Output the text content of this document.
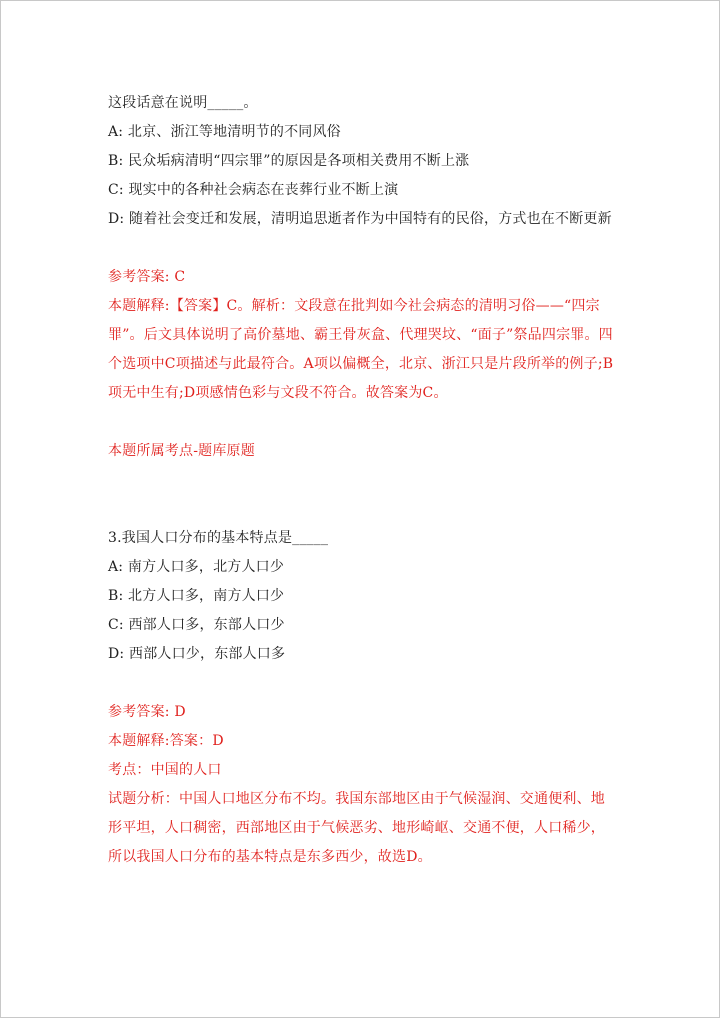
这段话意在说明_____。
A: 北京、浙江等地清明节的不同风俗
B: 民众垢病清明“四宗罪”的原因是各项相关费用不断上涨
C: 现实中的各种社会病态在丧葬行业不断上演
D: 随着社会变迁和发展，清明追思逝者作为中国特有的民俗，方式也在不断更新
参考答案: C
本题解释:【答案】C。解析：文段意在批判如今社会病态的清明习俗——“四宗罪”。后文具体说明了高价墓地、霸王骨灰盒、代理哭坟、“面子”祭品四宗罪。四个选项中C项描述与此最符合。A项以偏概全，北京、浙江只是片段所举的例子;B项无中生有;D项感情色彩与文段不符合。故答案为C。
本题所属考点-题库原题
3.我国人口分布的基本特点是_____
A: 南方人口多，北方人口少
B: 北方人口多，南方人口少
C: 西部人口多，东部人口少
D: 西部人口少，东部人口多
参考答案: D
本题解释:答案：D
考点：中国的人口
试题分析：中国人口地区分布不均。我国东部地区由于气候湿润、交通便利、地形平坦，人口稠密，西部地区由于气候恶劣、地形崎岖、交通不便，人口稀少，所以我国人口分布的基本特点是东多西少，故选D。
